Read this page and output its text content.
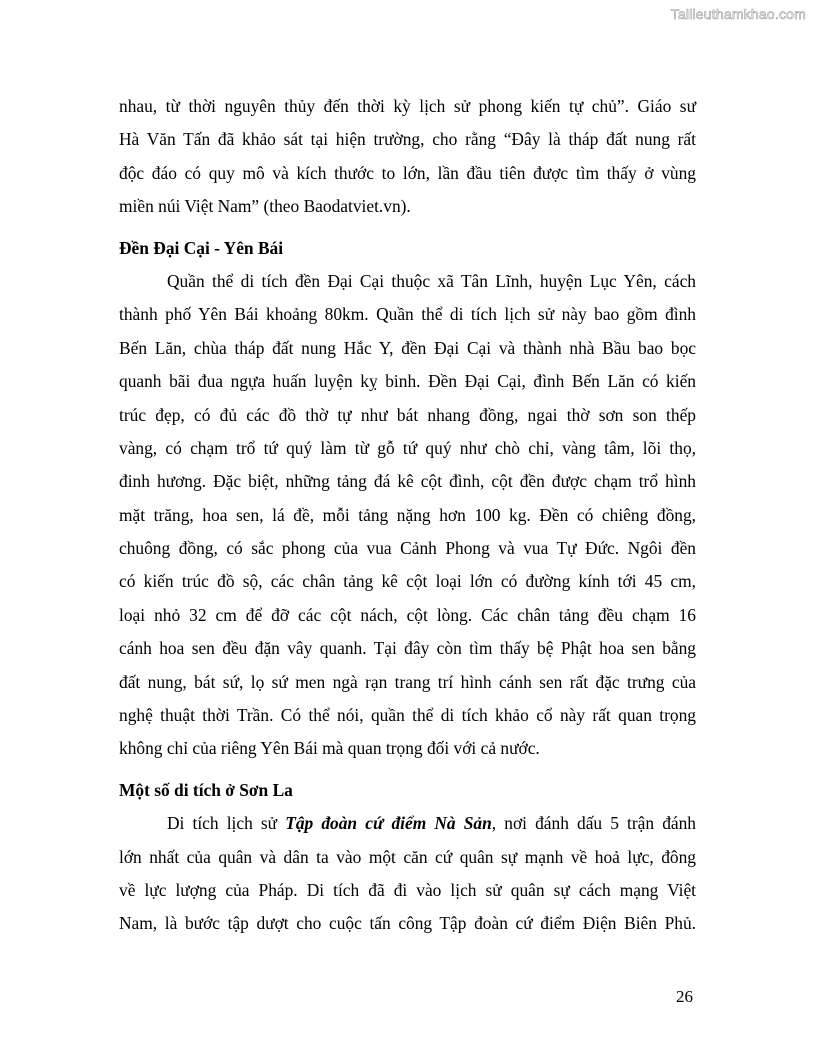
Tailieuthamkhao.com
nhau, từ thời nguyên thủy đến thời kỳ lịch sử phong kiến tự chủ”. Giáo sư
Hà Văn Tấn đã khảo sát tại hiện trường, cho rằng “Đây là tháp đất nung rất
độc đáo có quy mô và kích thước to lớn, lần đầu tiên được tìm thấy ở vùng
miền núi Việt Nam” (theo Baodatviet.vn).
Đền Đại Cại - Yên Bái
Quần thể di tích đền Đại Cại thuộc xã Tân Lĩnh, huyện Lục Yên, cách
thành phố Yên Bái khoảng 80km. Quần thể di tích lịch sử này bao gồm đình
Bến Lăn, chùa tháp đất nung Hắc Y, đền Đại Cại và thành nhà Bầu bao bọc
quanh bãi đua ngựa huấn luyện kỵ binh. Đền Đại Cại, đình Bến Lăn có kiến
trúc đẹp, có đủ các đồ thờ tự như bát nhang đồng, ngai thờ sơn son thếp
vàng, có chạm trổ tứ quý làm từ gỗ tứ quý như chò chỉ, vàng tâm, lõi thọ,
đinh hương. Đặc biệt, những tảng đá kê cột đình, cột đền được chạm trổ hình
mặt trăng, hoa sen, lá đề, mỗi tảng nặng hơn 100 kg. Đền có chiêng đồng,
chuông đồng, có sắc phong của vua Cảnh Phong và vua Tự Đức. Ngôi đền
có kiến trúc đồ sộ, các chân tảng kê cột loại lớn có đường kính tới 45 cm,
loại nhỏ 32 cm để đỡ các cột nách, cột lòng. Các chân tảng đều chạm 16
cánh hoa sen đều đặn vây quanh. Tại đây còn tìm thấy bệ Phật hoa sen bằng
đất nung, bát sứ, lọ sứ men ngà rạn trang trí hình cánh sen rất đặc trưng của
nghệ thuật thời Trần. Có thể nói, quần thể di tích khảo cổ này rất quan trọng
không chỉ của riêng Yên Bái mà quan trọng đối với cả nước.
Một số di tích ở Sơn La
Di tích lịch sử Tập đoàn cứ điểm Nà Sản, nơi đánh dấu 5 trận đánh
lớn nhất của quân và dân ta vào một căn cứ quân sự mạnh về hoả lực, đông
về lực lượng của Pháp. Di tích đã đi vào lịch sử quân sự cách mạng Việt
Nam, là bước tập dượt cho cuộc tấn công Tập đoàn cứ điểm Điện Biên Phủ.
26
